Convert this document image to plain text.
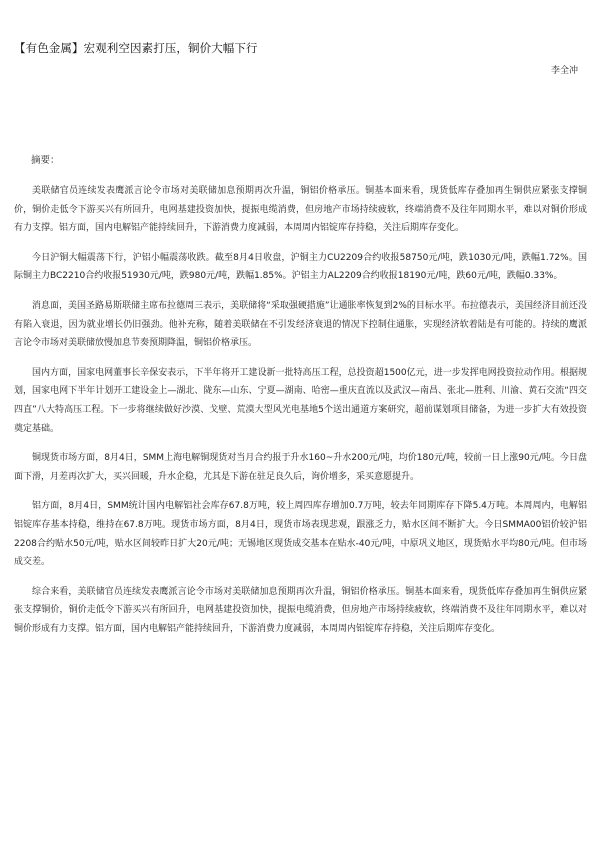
【有色金属】宏观利空因素打压，铜价大幅下行
李全冲
摘要：

美联储官员连续发表鹰派言论令市场对美联储加息预期再次升温，铜铝价格承压。铜基本面来看，现货低库存叠加再生铜供应紧张支撑铜价，铜价走低令下游买兴有所回升，电网基建投资加快，提振电缆消费，但房地产市场持续疲软，终端消费不及往年同期水平，难以对铜价形成有力支撑。铝方面，国内电解铝产能持续回升，下游消费力度减弱，本周周内铝锭库存持稳，关注后期库存变化。

今日沪铜大幅震荡下行，沪铝小幅震荡收跌。截至8月4日收盘，沪铜主力CU2209合约收报58750元/吨，跌1030元/吨，跌幅1.72%。国际铜主力BC2210合约收报51930元/吨，跌980元/吨，跌幅1.85%。沪铝主力AL2209合约收报18190元/吨，跌60元/吨，跌幅0.33%。

消息面，美国圣路易斯联储主席布拉德周三表示，美联储将“采取强硬措施”让通胀率恢复到2%的目标水平。布拉德表示，美国经济目前还没有陷入衰退，因为就业增长仍旧强劲。他补充称，随着美联储在不引发经济衰退的情况下控制住通胀，实现经济软着陆是有可能的。持续的鹰派言论令市场对美联储放慢加息节奏预期降温，铜铝价格承压。

国内方面，国家电网董事长辛保安表示，下半年将开工建设新一批特高压工程，总投资超1500亿元，进一步发挥电网投资拉动作用。根据规划，国家电网下半年计划开工建设金上—湖北、陇东—山东、宁夏—湖南、哈密—重庆直流以及武汉—南昌、张北—胜利、川渝、黄石交流“四交四直”八大特高压工程。下一步将继续做好沙漠、戈壁、荒漠大型风光电基地5个送出通道方案研究，超前谋划项目储备，为进一步扩大有效投资奠定基础。

铜现货市场方面，8月4日，SMM上海电解铜现货对当月合约报于升水160~升水200元/吨，均价180元/吨，较前一日上涨90元/吨。今日盘面下滑，月差再次扩大，买兴回暖，升水企稳，尤其是下游在驻足良久后，询价增多，采买意愿提升。

铝方面，8月4日，SMM统计国内电解铝社会库存67.8万吨，较上周四库存增加0.7万吨，较去年同期库存下降5.4万吨。本周周内，电解铝铝锭库存基本持稳，维持在67.8万吨。现货市场方面，8月4日，现货市场表现悲观，跟涨乏力，贴水区间不断扩大。今日SMMA00铝价较沪铝2208合约贴水50元/吨，贴水区间较昨日扩大20元/吨；无锡地区现货成交基本在贴水-40元/吨，中原巩义地区，现货贴水平均80元/吨。但市场成交差。

综合来看，美联储官员连续发表鹰派言论令市场对美联储加息预期再次升温，铜铝价格承压。铜基本面来看，现货低库存叠加再生铜供应紧张支撑铜价，铜价走低令下游买兴有所回升，电网基建投资加快，提振电缆消费，但房地产市场持续疲软，终端消费不及往年同期水平，难以对铜价形成有力支撑。铝方面，国内电解铝产能持续回升，下游消费力度减弱，本周周内铝锭库存持稳，关注后期库存变化。
